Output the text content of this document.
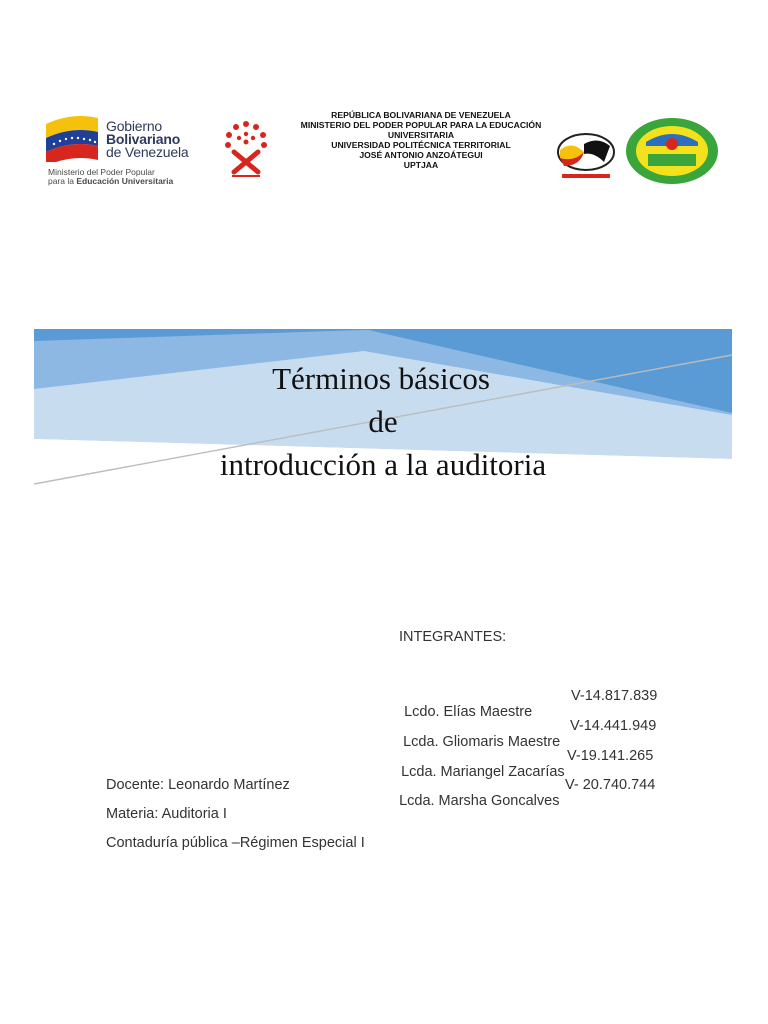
Gobierno
Bolivariano
de Venezuela
Ministerio del Poder Popular
para la Educación Universitaria
REPÚBLICA BOLIVARIANA DE VENEZUELA
MINISTERIO DEL PODER POPULAR PARA LA EDUCACIÓN
UNIVERSITARIA
UNIVERSIDAD POLITÉCNICA TERRITORIAL
JOSÉ ANTONIO ANZOÁTEGUI
UPTJAA
Términos básicos
de
introducción a la auditoria
INTEGRANTES:

Lcdo. Elías Maestre

V-14.817.839

Lcda. Gliomaris Maestre

V-14.441.949

Lcda. Mariangel Zacarías

V-19.141.265

Lcda. Marsha Goncalves

V- 20.740.744
Docente: Leonardo Martínez
Materia: Auditoria I
Contaduría pública –Régimen Especial I
